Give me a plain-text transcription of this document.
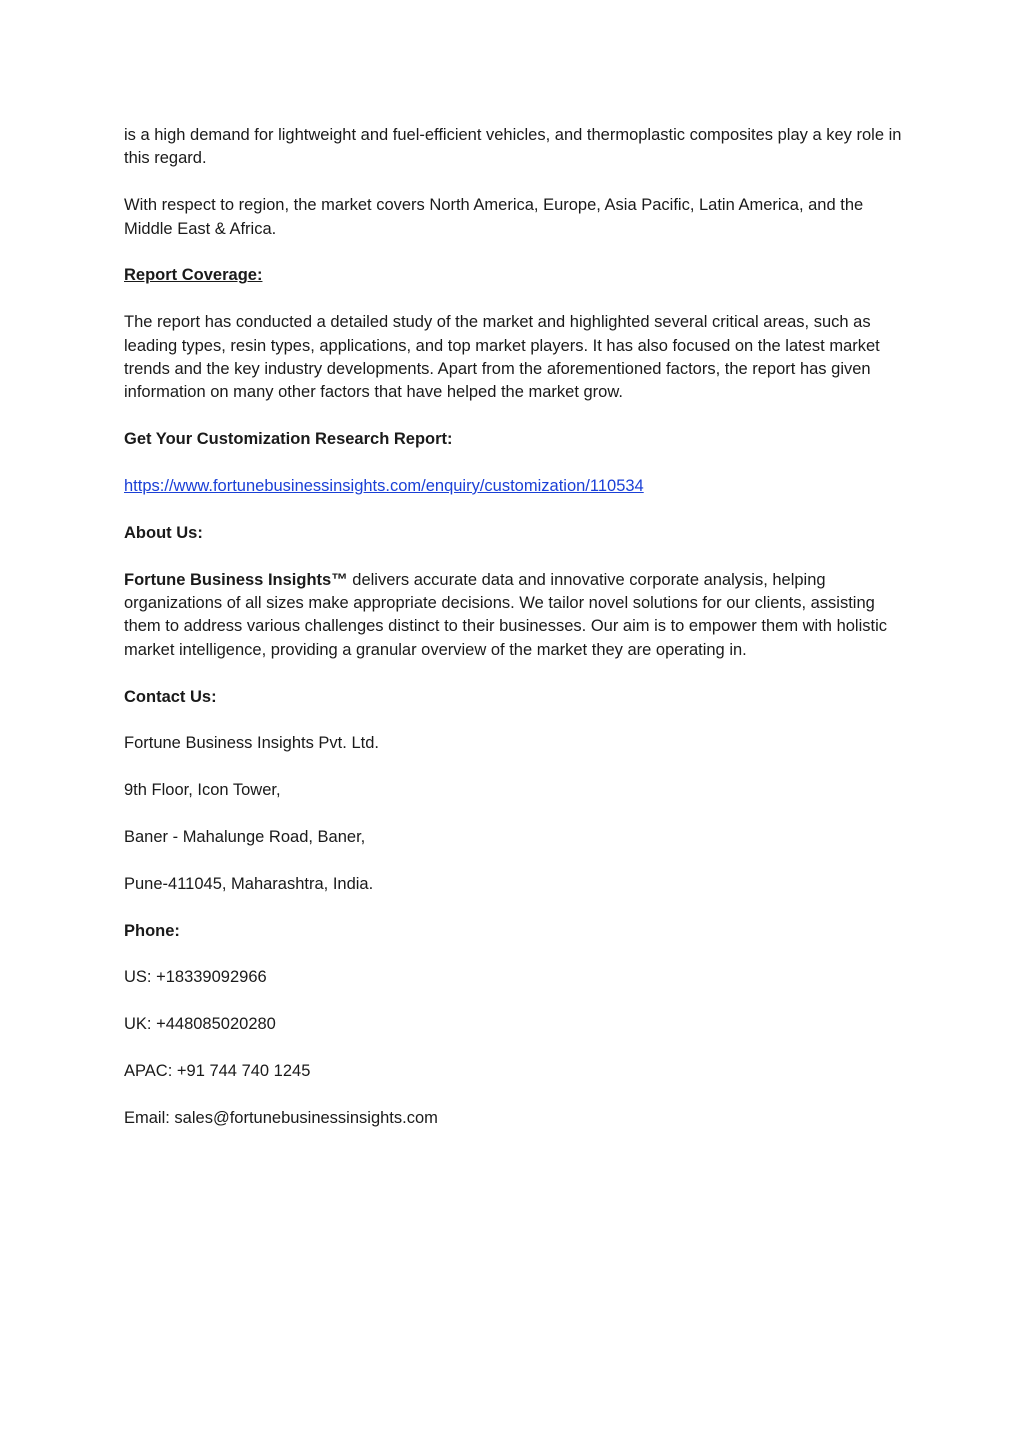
is a high demand for lightweight and fuel-efficient vehicles, and thermoplastic composites play a key role in this regard.

With respect to region, the market covers North America, Europe, Asia Pacific, Latin America, and the Middle East & Africa.

Report Coverage:

The report has conducted a detailed study of the market and highlighted several critical areas, such as leading types, resin types, applications, and top market players. It has also focused on the latest market trends and the key industry developments. Apart from the aforementioned factors, the report has given information on many other factors that have helped the market grow.

Get Your Customization Research Report:

https://www.fortunebusinessinsights.com/enquiry/customization/110534

About Us:

Fortune Business Insights™ delivers accurate data and innovative corporate analysis, helping organizations of all sizes make appropriate decisions. We tailor novel solutions for our clients, assisting them to address various challenges distinct to their businesses. Our aim is to empower them with holistic market intelligence, providing a granular overview of the market they are operating in.

Contact Us:

Fortune Business Insights Pvt. Ltd.

9th Floor, Icon Tower,

Baner - Mahalunge Road, Baner,

Pune-411045, Maharashtra, India.

Phone:

US: +18339092966

UK: +448085020280

APAC: +91 744 740 1245

Email: sales@fortunebusinessinsights.com
